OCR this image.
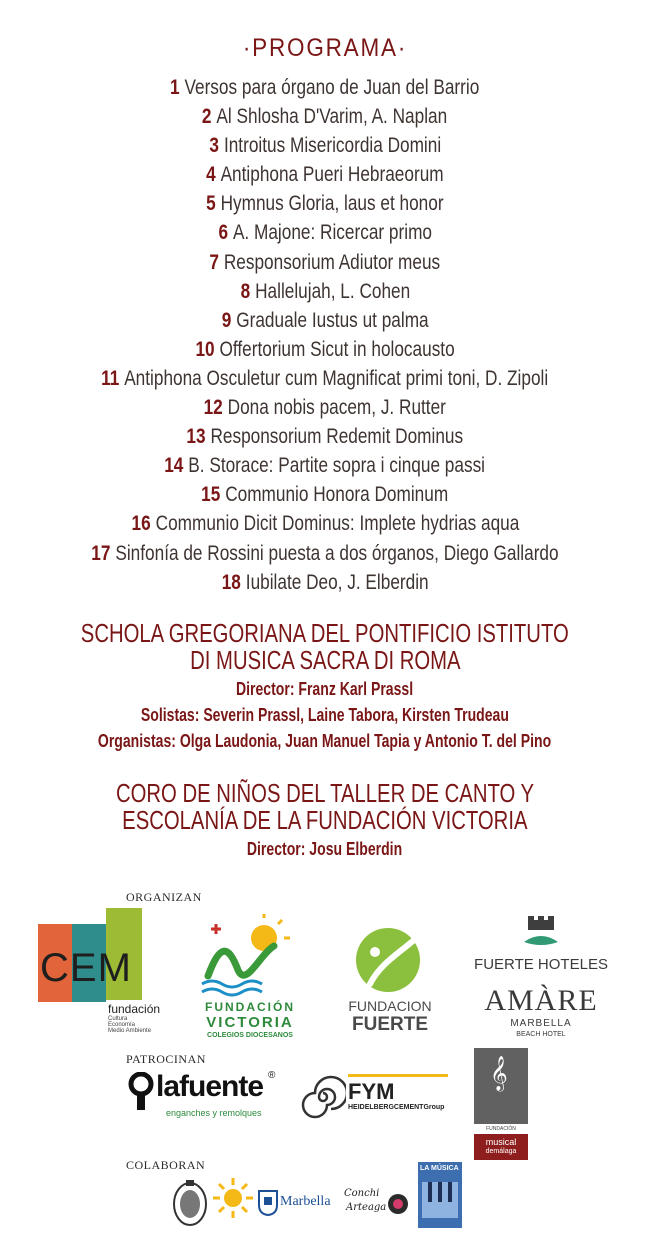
·PROGRAMA·
1 Versos para órgano de Juan del Barrio
2 Al Shlosha D'Varim, A. Naplan
3 Introitus Misericordia Domini
4 Antiphona Pueri Hebraeorum
5 Hymnus Gloria, laus et honor
6 A. Majone: Ricercar primo
7 Responsorium Adiutor meus
8 Hallelujah, L. Cohen
9 Graduale Iustus ut palma
10 Offertorium Sicut in holocausto
11 Antiphona Osculetur cum Magnificat primi toni, D. Zipoli
12 Dona nobis pacem, J. Rutter
13 Responsorium Redemit Dominus
14 B. Storace: Partite sopra i cinque passi
15 Communio Honora Dominum
16 Communio Dicit Dominus: Implete hydrias aqua
17 Sinfonía de Rossini puesta a dos órganos, Diego Gallardo
18 Iubilate Deo, J. Elberdin
SCHOLA GREGORIANA DEL PONTIFICIO ISTITUTO
DI MUSICA SACRA DI ROMA
Director: Franz Karl Prassl
Solistas: Severin Prassl, Laine Tabora, Kirsten Trudeau
Organistas: Olga Laudonia, Juan Manuel Tapia y Antonio T. del Pino
CORO DE NIÑOS DEL TALLER DE CANTO Y
ESCOLANÍA DE LA FUNDACIÓN VICTORIA
Director: Josu Elberdin
ORGANIZAN
PATROCINAN
COLABORAN
CEM
fundación
Cultura
Economía
Medio Ambiente
FUNDACIÓN
VICTORIA
COLEGIOS DIOCESANOS
FUNDACION
FUERTE
FUERTE HOTELES
AMÀRE
MARBELLA
BEACH HOTEL
lafuente ®
enganches y remolques
FYM
HEIDELBERGCEMENTGroup
𝄞
FUNDACIÓN
musical
demálaga
Marbella
Conchi
Arteaga
LA MÚSICA
